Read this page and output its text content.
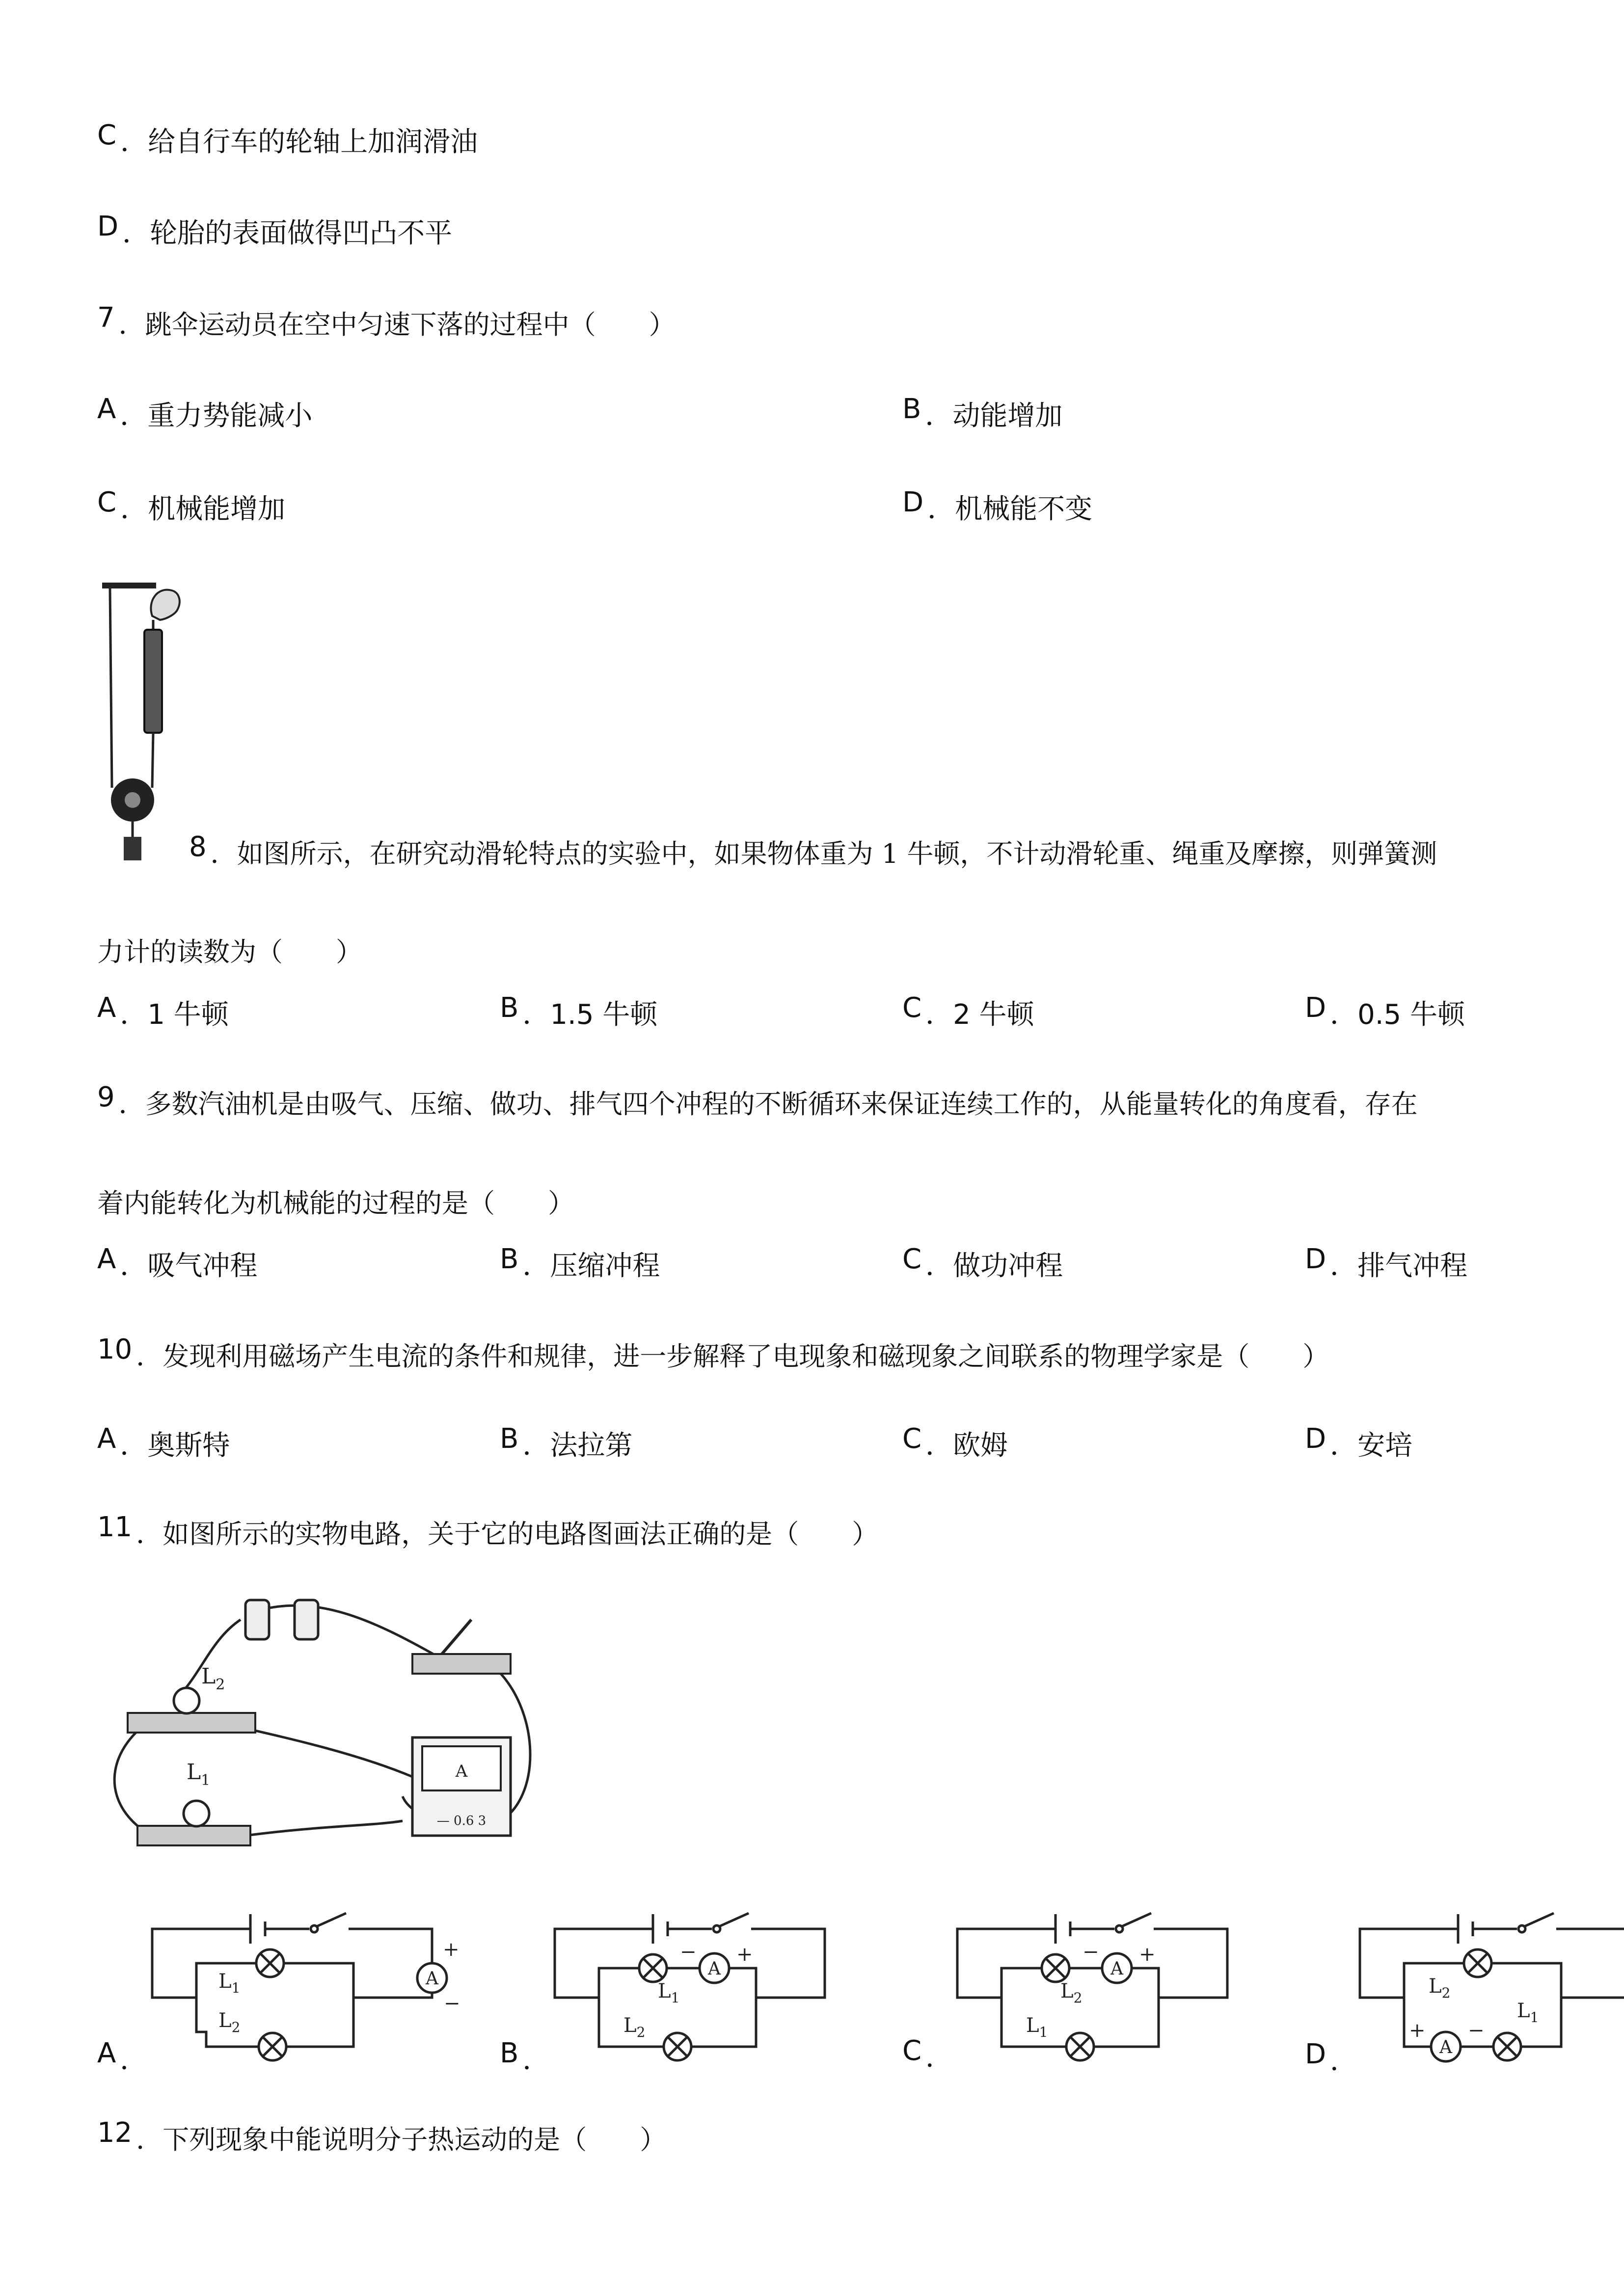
C ．给自行车的轮轴上加润滑油
D ．轮胎的表面做得凹凸不平
7 ．跳伞运动员在空中匀速下落的过程中（　　）
A ．重力势能减小	B ．动能增加
C ．机械能增加	D ．机械能不变
8 ．如图所示，在研究动滑轮特点的实验中，如果物体重为 1 牛顿，不计动滑轮重、绳重及摩擦，则弹簧测
力计的读数为（　　）
A ．1 牛顿	B ．1.5 牛顿	C ．2 牛顿	D ．0.5 牛顿
9 ．多数汽油机是由吸气、压缩、做功、排气四个冲程的不断循环来保证连续工作的，从能量转化的角度看，存在
着内能转化为机械能的过程的是（　　）
A ．吸气冲程	B ．压缩冲程	C ．做功冲程	D ．排气冲程
10 ．发现利用磁场产生电流的条件和规律，进一步解释了电现象和磁现象之间联系的物理学家是（　　）
A ．奥斯特	B ．法拉第	C ．欧姆	D ．安培
11 ．如图所示的实物电路，关于它的电路图画法正确的是（　　）
$L_2$
$L_1$	A
— 0.6 3
A
+
−
$L_1$
$L_2$
A ．
A
− +
$L_1$
$L_2$
B ．
A
− +
$L_2$
$L_1$
C ．	A
+ −
$L_2$
$L_1$
D ．
12 ．下列现象中能说明分子热运动的是（　　）
